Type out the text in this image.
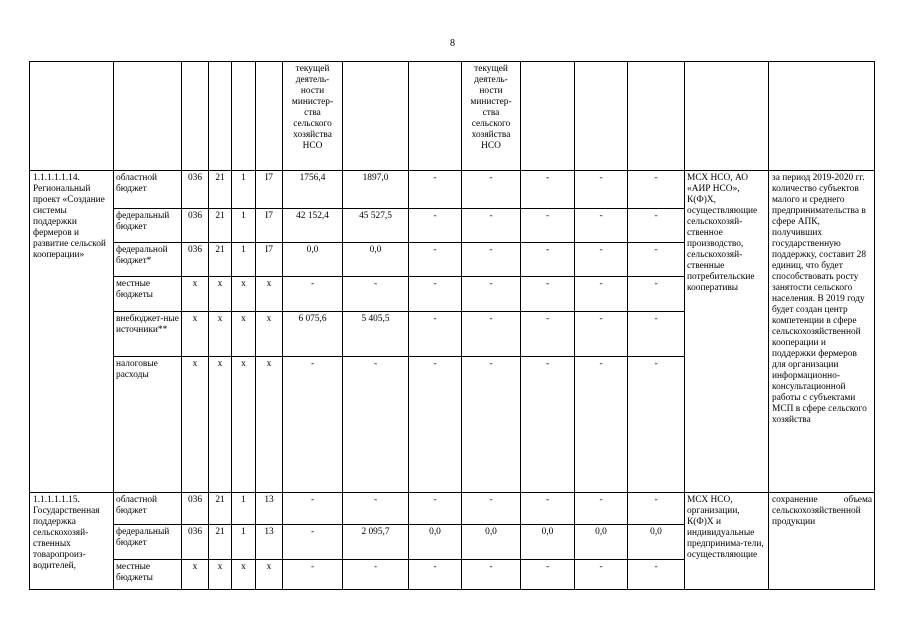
8
						текущей деятель-ности министер-ства сельского хозяйства НСО			текущей деятель-ности министер-ства сельского хозяйства НСО					
1.1.1.1.1.14. Региональный проект «Создание системы поддержки фермеров и развитие сельской кооперации»	областной бюджет	036	21	1	I7	1756,4	1897,0	-	-	-	-	-	МСХ НСО, АО «АИР НСО», К(Ф)Х, осуществляющие сельскохозяй-ственное производство, сельскохозяй-ственные потребительские кооперативы	за период 2019-2020 гг. количество субъектов малого и среднего предпринимательства в сфере АПК, получивших государственную поддержку, составит 28 единиц, что будет способствовать росту занятости сельского населения. В 2019 году будет создан центр компетенции в сфере сельскохозяйственной кооперации и поддержки фермеров для организации информационно-консультационной работы с субъектами МСП в сфере сельского хозяйства
	федеральный бюджет	036	21	1	I7	42 152,4	45 527,5	-	-	-	-	-		
	федеральной бюджет*	036	21	1	I7	0,0	0,0	-	-	-	-	-		
	местные бюджеты	х	х	х	х	-	-	-	-	-	-	-		
	внебюджет-ные источники**	х	х	х	х	6 075,6	5 405,5	-	-	-	-	-		
	налоговые расходы	х	х	х	х	-	-	-	-	-	-	-		
1.1.1.1.1.15. Государственная поддержка сельскохозяй-ственных товаропроиз-водителей,	областной бюджет	036	21	1	13	-	-	-	-	-	-	-	МСХ НСО, организации, К(Ф)Х и индивидуальные предпринима-тели, осуществляющие	сохранение объема сельскохозяйственной продукции
	федеральный бюджет	036	21	1	13	-	2 095,7	0,0	0,0	0,0	0,0	0,0		
	местные бюджеты	х	х	х	х	-	-	-	-	-	-	-		
